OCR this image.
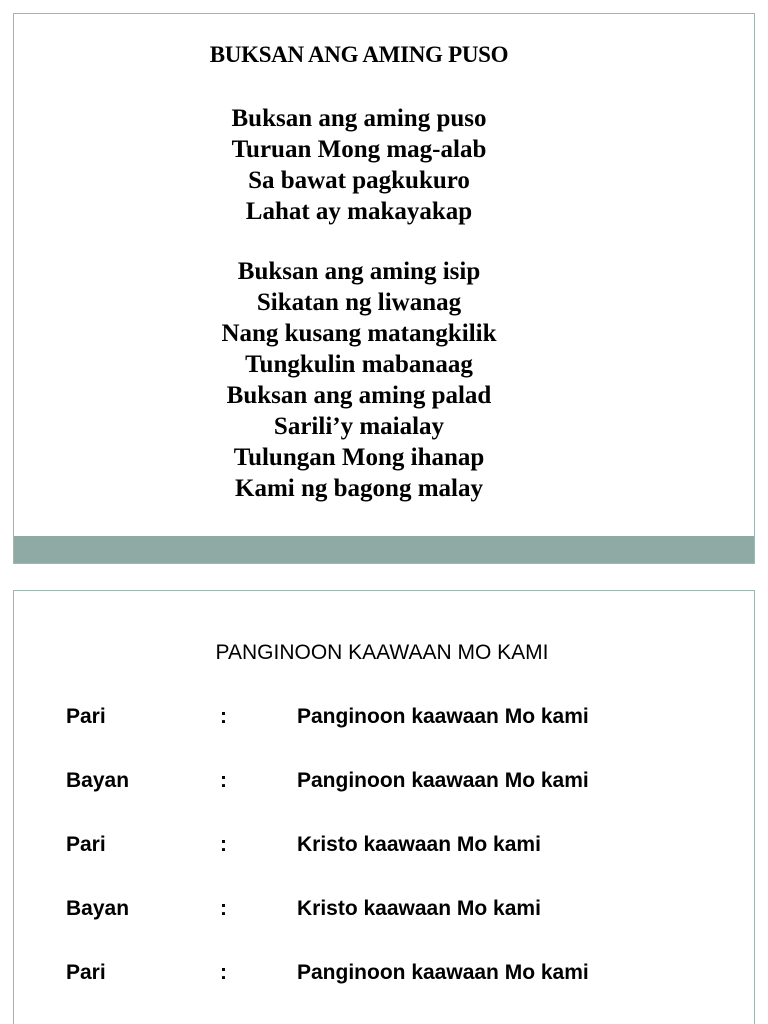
BUKSAN ANG AMING PUSO
Buksan ang aming puso
Turuan Mong mag-alab
Sa bawat pagkukuro
Lahat ay makayakap
Buksan ang aming isip
Sikatan ng liwanag
Nang kusang matangkilik
Tungkulin mabanaag
Buksan ang aming palad
Sarili’y maialay
Tulungan Mong ihanap
Kami ng bagong malay
PANGINOON KAAWAAN MO KAMI
Pari	:	Panginoon kaawaan Mo kami
Bayan	:	Panginoon kaawaan Mo kami
Pari	:	Kristo kaawaan Mo kami
Bayan	:	Kristo kaawaan Mo kami
Pari	:	Panginoon kaawaan Mo kami
